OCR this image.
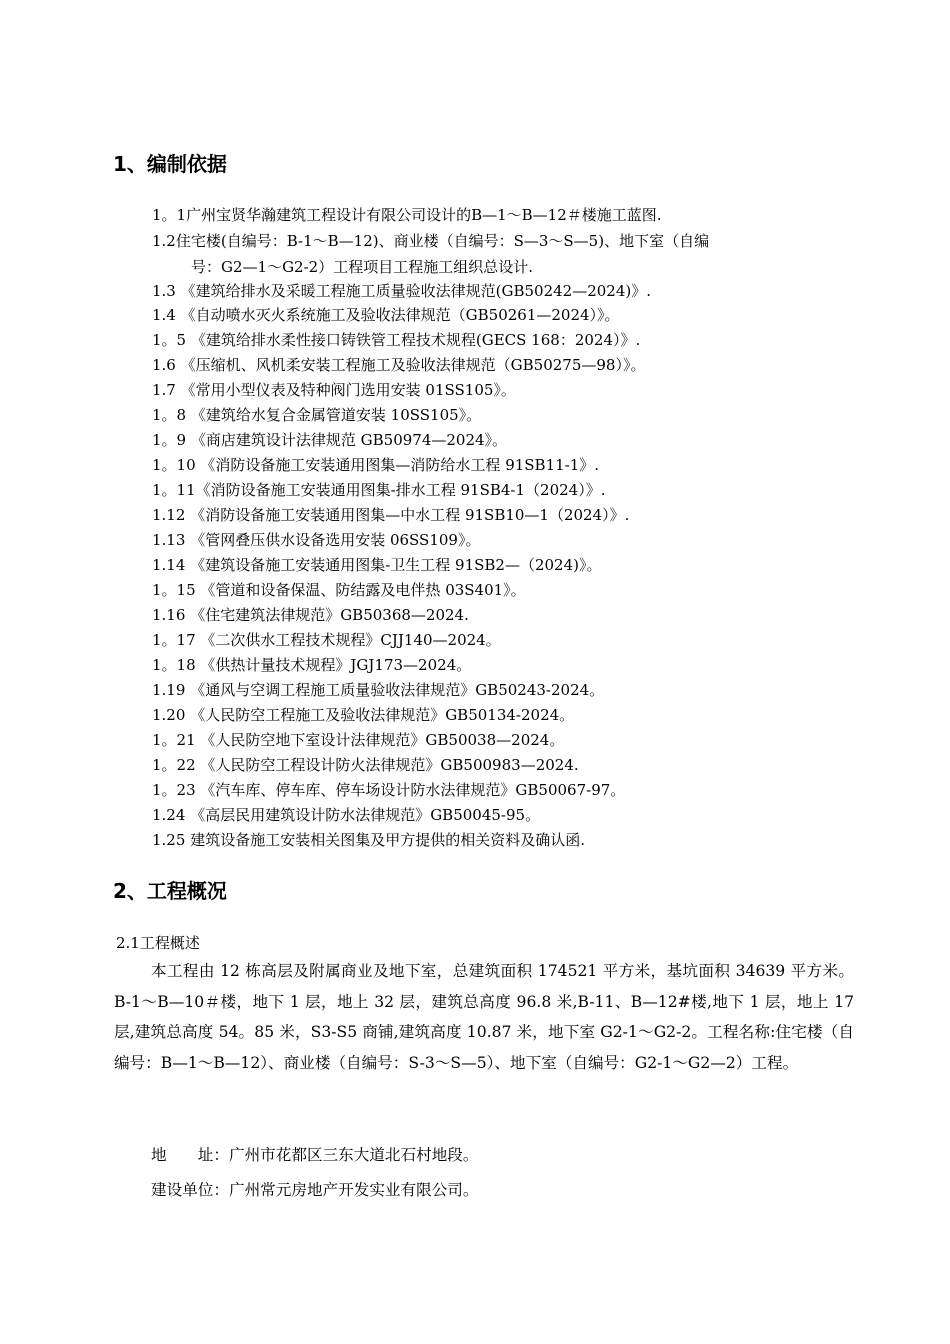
1、编制依据
1。1广州宝贤华瀚建筑工程设计有限公司设计的B—1～B—12＃楼施工蓝图.
1.2住宅楼(自编号：B-1～B—12)、商业楼（自编号：S—3～S—5)、地下室（自编
号：G2—1～G2-2）工程项目工程施工组织总设计.
1.3 《建筑给排水及采暖工程施工质量验收法律规范(GB50242—2024)》.
1.4 《自动喷水灭火系统施工及验收法律规范（GB50261—2024）》。
1。5 《建筑给排水柔性接口铸铁管工程技术规程(GECS 168：2024）》.
1.6 《压缩机、风机柔安装工程施工及验收法律规范（GB50275—98）》。
1.7 《常用小型仪表及特种阀门选用安装 01SS105》。
1。8 《建筑给水复合金属管道安装 10SS105》。
1。9 《商店建筑设计法律规范 GB50974—2024》。
1。10 《消防设备施工安装通用图集—消防给水工程 91SB11-1》.
1。11《消防设备施工安装通用图集-排水工程 91SB4-1（2024）》.
1.12 《消防设备施工安装通用图集—中水工程 91SB10—1（2024）》.
1.13 《管网叠压供水设备选用安装 06SS109》。
1.14 《建筑设备施工安装通用图集-卫生工程 91SB2—（2024)》。
1。15 《管道和设备保温、防结露及电伴热 03S401》。
1.16 《住宅建筑法律规范》GB50368—2024.
1。17 《二次供水工程技术规程》CJJ140—2024。
1。18 《供热计量技术规程》JGJ173—2024。
1.19 《通风与空调工程施工质量验收法律规范》GB50243-2024。
1.20 《人民防空工程施工及验收法律规范》GB50134-2024。
1。21 《人民防空地下室设计法律规范》GB50038—2024。
1。22 《人民防空工程设计防火法律规范》GB500983—2024.
1。23 《汽车库、停车库、停车场设计防水法律规范》GB50067-97。
1.24 《高层民用建筑设计防水法律规范》GB50045-95。
1.25 建筑设备施工安装相关图集及甲方提供的相关资料及确认函.
2、工程概况
2.1工程概述
本工程由 12 栋高层及附属商业及地下室，总建筑面积 174521 平方米，基坑面积 34639 平方米。B-1～B—10＃楼，地下 1 层，地上 32 层，建筑总高度 96.8 米,B-11、B—12#楼,地下 1 层，地上 17 层,建筑总高度 54。85 米，S3-S5 商铺,建筑高度 10.87 米，地下室 G2-1～G2-2。工程名称:住宅楼（自编号：B—1～B—12）、商业楼（自编号：S-3～S—5）、地下室（自编号：G2-1～G2—2）工程。
地　　址：广州市花都区三东大道北石村地段。
建设单位：广州常元房地产开发实业有限公司。
